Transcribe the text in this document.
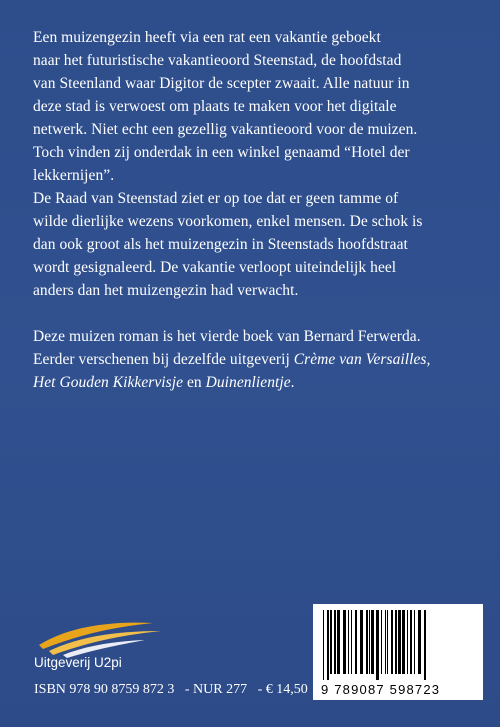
Een muizengezin heeft via een rat een vakantie geboekt
naar het futuristische vakantieoord Steenstad, de hoofdstad
van Steenland waar Digitor de scepter zwaait. Alle natuur in
deze stad is verwoest om plaats te maken voor het digitale
netwerk. Niet echt een gezellig vakantieoord voor de muizen.
Toch vinden zij onderdak in een winkel genaamd “Hotel der
lekkernijen”.
De Raad van Steenstad ziet er op toe dat er geen tamme of
wilde dierlijke wezens voorkomen, enkel mensen. De schok is
dan ook groot als het muizengezin in Steenstads hoofdstraat
wordt gesignaleerd. De vakantie verloopt uiteindelijk heel
anders dan het muizengezin had verwacht.
Deze muizen roman is het vierde boek van Bernard Ferwerda.
Eerder verschenen bij dezelfde uitgeverij Crème van Versailles,
Het Gouden Kikkervisje en Duinenlientje.
Uitgeverij U2pi
ISBN 978 90 8759 872 3   - NUR 277   - € 14,50 9 789087 598723
